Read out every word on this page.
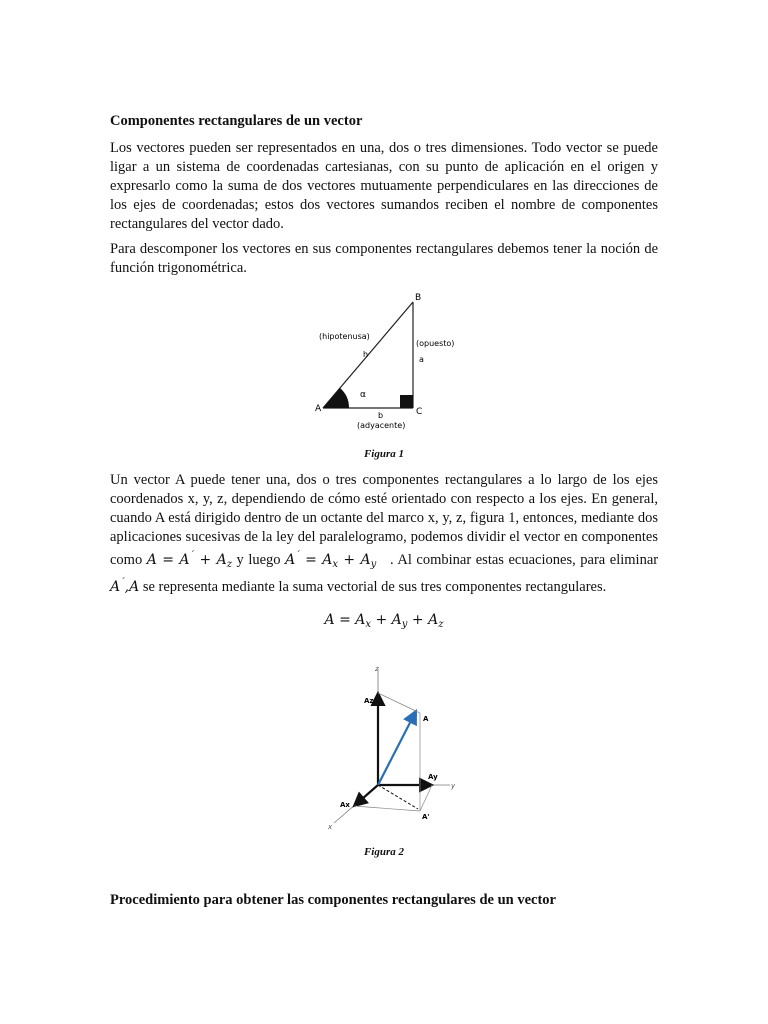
Componentes rectangulares de un vector
Los vectores pueden ser representados en una, dos o tres dimensiones. Todo vector se puede ligar a un sistema de coordenadas cartesianas, con su punto de aplicación en el origen y expresarlo como la suma de dos vectores mutuamente perpendiculares en las direcciones de los ejes de coordenadas; estos dos vectores sumandos reciben el nombre de componentes rectangulares del vector dado.
Para descomponer los vectores en sus componentes rectangulares debemos tener la noción de función trigonométrica.
A
B
C
(hipotenusa)
h
(opuesto)
a
α
b
(adyacente)
Figura 1
Un vector A puede tener una, dos o tres componentes rectangulares a lo largo de los ejes coordenados x, y, z, dependiendo de cómo esté orientado con respecto a los ejes. En general, cuando A está dirigido dentro de un octante del marco x, y, z, figura 1, entonces, mediante dos aplicaciones sucesivas de la ley del paralelogramo, podemos dividir el vector en componentes como $A = A^´ + A_z$ y luego $A^´ = A_x + A_y$ . Al combinar estas ecuaciones, para eliminar A´,A se representa mediante la suma vectorial de sus tres componentes rectangulares.
$A = A_x + A_y + A_z$
z
y
x
Az
A
Ay
Ax
A'
Figura 2
Procedimiento para obtener las componentes rectangulares de un vector
